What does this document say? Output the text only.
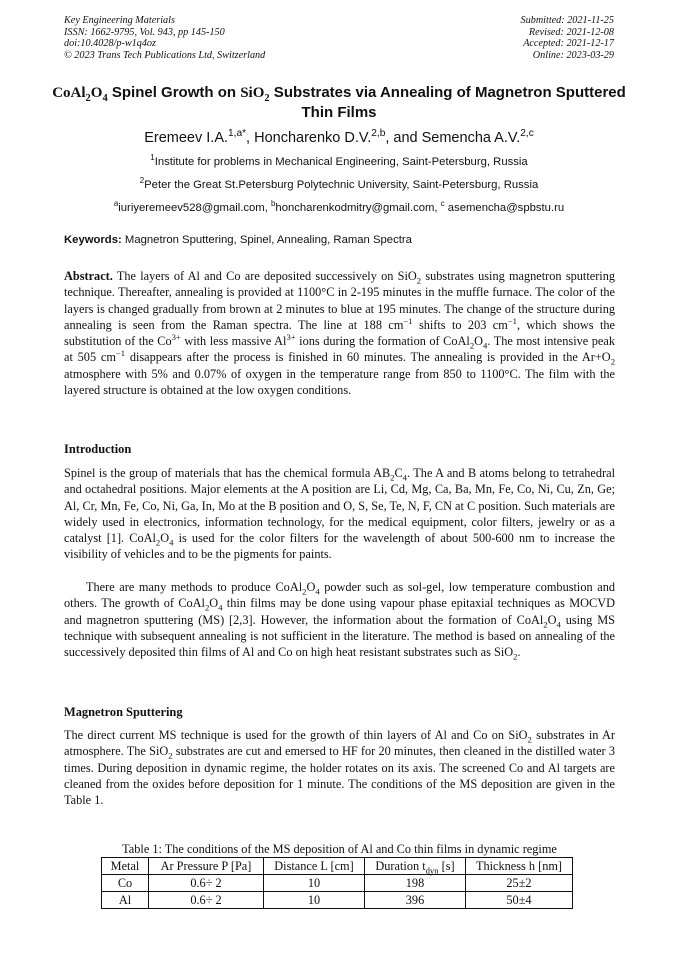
Key Engineering Materials
ISSN: 1662-9795, Vol. 943, pp 145-150
doi:10.4028/p-w1q4oz
© 2023 Trans Tech Publications Ltd, Switzerland
Submitted: 2021-11-25
Revised: 2021-12-08
Accepted: 2021-12-17
Online: 2023-03-29
$CoAl_2O_4$ Spinel Growth on SiO$_2$ Substrates via Annealing of Magnetron Sputtered Thin Films
Eremeev I.A.$^{1,a*}$, Honcharenko D.V.$^{2,b}$, and Semencha A.V.$^{2,c}$
$^1$Institute for problems in Mechanical Engineering, Saint-Petersburg, Russia
$^2$Peter the Great St.Petersburg Polytechnic University, Saint-Petersburg, Russia
$^a$iuriyeremeev528@gmail.com, $^b$honcharenkodmitry@gmail.com, $^c$ asemencha@spbstu.ru
Keywords: Magnetron Sputtering, Spinel, Annealing, Raman Spectra

Abstract. The layers of Al and Co are deposited successively on SiO$_2$ substrates using magnetron sputtering technique. Thereafter, annealing is provided at 1100°C in 2-195 minutes in the muffle furnace. The color of the layers is changed gradually from brown at 2 minutes to blue at 195 minutes. The change of the structure during annealing is seen from the Raman spectra. The line at 188 $cm^{-1}$ shifts to 203 $cm^{-1}$, which shows the substitution of the $Co^{3+}$ with less massive $Al^{3+}$ ions during the formation of $CoAl_2O_4$. The most intensive peak at 505 $cm^{-1}$ disappears after the process is finished in 60 minutes. The annealing is provided in the $Ar+O_2$ atmosphere with 5% and 0.07% of oxygen in the temperature range from 850 to 1100°C. The film with the layered structure is obtained at the low oxygen conditions.

Introduction

Spinel is the group of materials that has the chemical formula $AB_2C_4$. The A and B atoms belong to tetrahedral and octahedral positions. Major elements at the A position are Li, Cd, Mg, Ca, Ba, Mn, Fe, Co, Ni, Cu, Zn, Ge; Al, Cr, Mn, Fe, Co, Ni, Ga, In, Mo at the B position and O, S, Se, Te, N, F, CN at C position. Such materials are widely used in electronics, information technology, for the medical equipment, color filters, jewelry or as a catalyst [1]. $CoAl_2O_4$ is used for the color filters for the wavelength of about 500-600 nm to increase the visibility of vehicles and to be the pigments for paints.

There are many methods to produce $CoAl_2O_4$ powder such as sol-gel, low temperature combustion and others. The growth of $CoAl_2O_4$ thin films may be done using vapour phase epitaxial techniques as MOCVD and magnetron sputtering (MS) [2,3]. However, the information about the formation of $CoAl_2O_4$ using MS technique with subsequent annealing is not sufficient in the literature. The method is based on annealing of the successively deposited thin films of Al and Co on high heat resistant substrates such as SiO$_2$.

Magnetron Sputtering

The direct current MS technique is used for the growth of thin layers of Al and Co on SiO$_2$ substrates in Ar atmosphere. The SiO$_2$ substrates are cut and emersed to HF for 20 minutes, then cleaned in the distilled water 3 times. During deposition in dynamic regime, the holder rotates on its axis. The screened Co and Al targets are cleaned from the oxides before deposition for 1 minute. The conditions of the MS deposition are given in the Table 1.

Table 1: The conditions of the MS deposition of Al and Co thin films in dynamic regime
Metal	Ar Pressure P [Pa]	Distance L [cm]	Duration $t_{dyn}$ [s]	Thickness h [nm]
Co	0.6÷ 2	10	198	25±2
Al	0.6÷ 2	10	396	50±4
